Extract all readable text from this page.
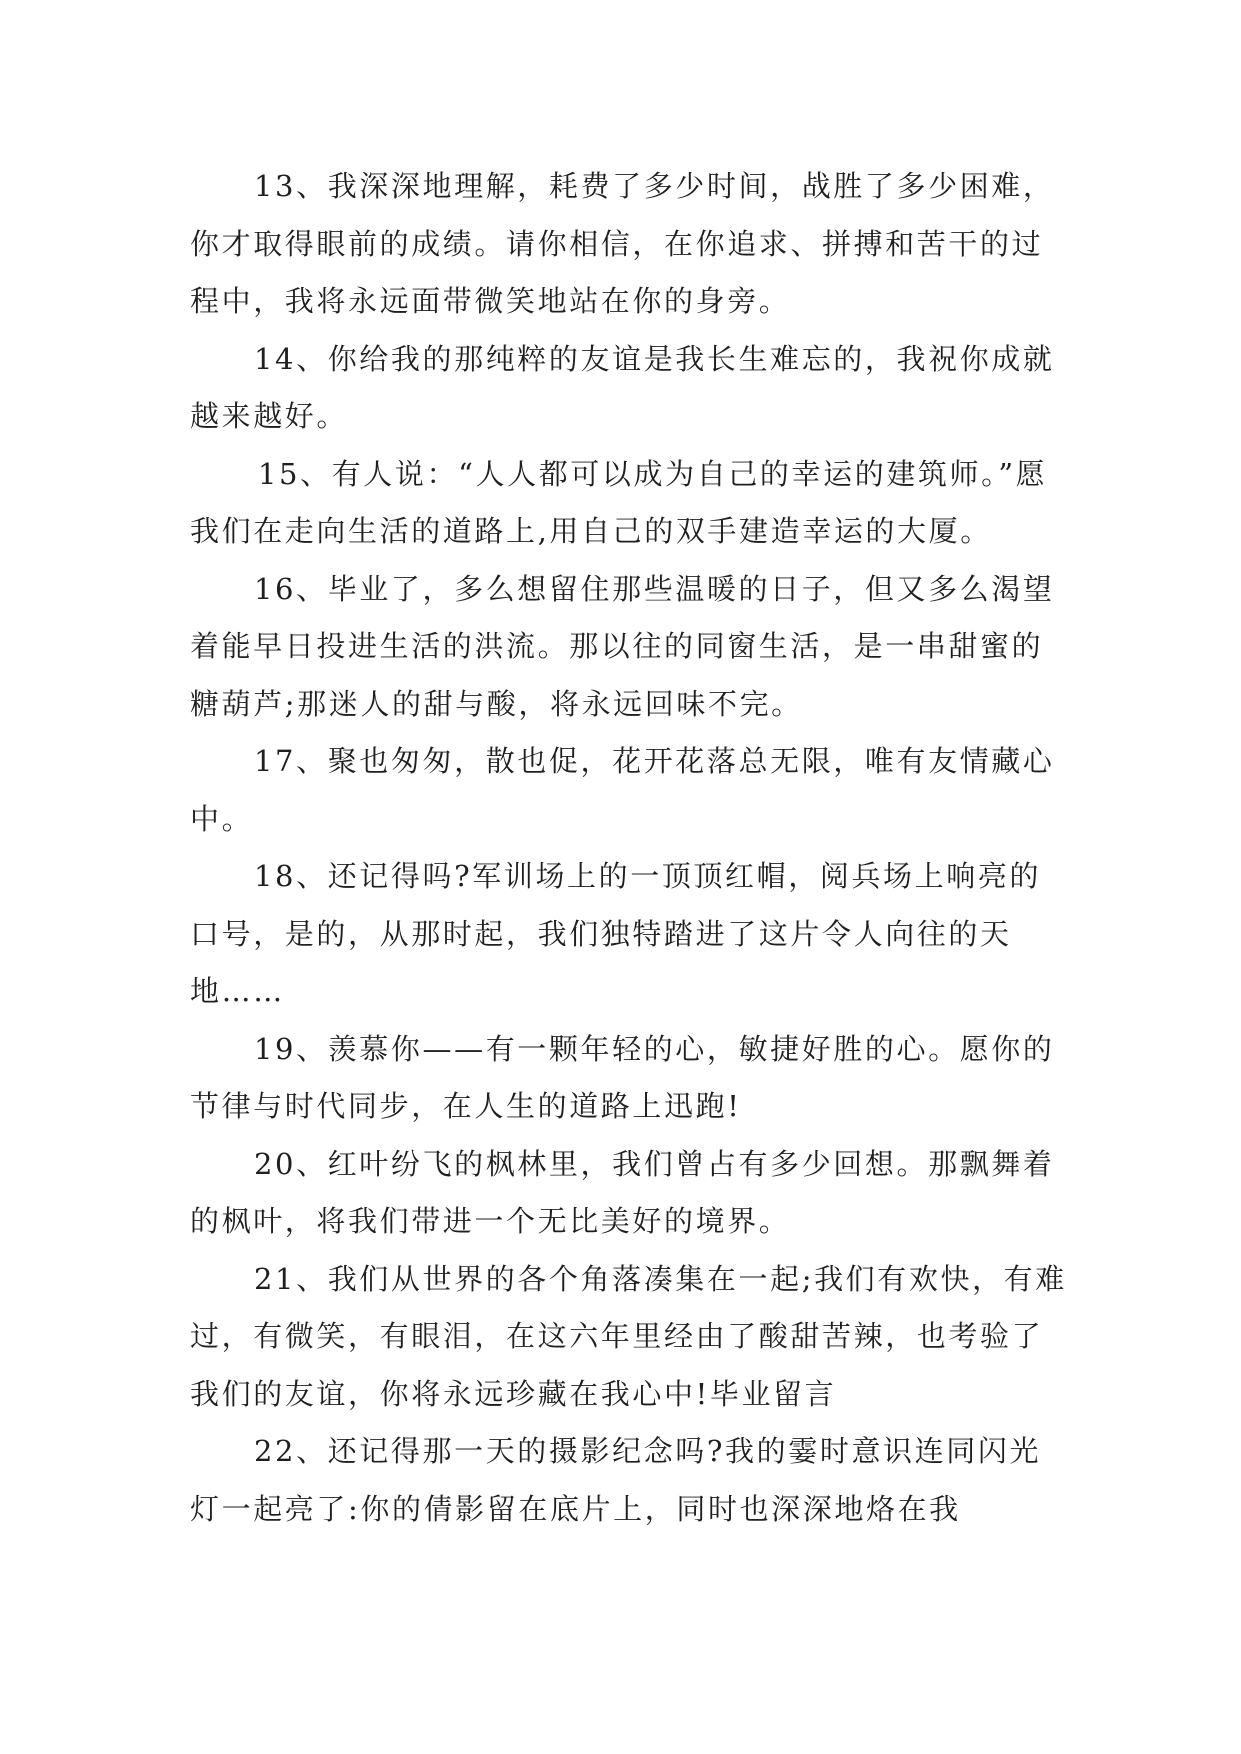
13、我深深地理解，耗费了多少时间，战胜了多少困难，你才取得眼前的成绩。请你相信，在你追求、拼搏和苦干的过程中，我将永远面带微笑地站在你的身旁。

14、你给我的那纯粹的友谊是我长生难忘的，我祝你成就越来越好。

15、有人说：“人人都可以成为自己的幸运的建筑师。”愿我们在走向生活的道路上,用自己的双手建造幸运的大厦。

16、毕业了，多么想留住那些温暖的日子，但又多么渴望着能早日投进生活的洪流。那以往的同窗生活，是一串甜蜜的糖葫芦;那迷人的甜与酸，将永远回味不完。

17、聚也匆匆，散也促，花开花落总无限，唯有友情藏心中。

18、还记得吗?军训场上的一顶顶红帽，阅兵场上响亮的口号，是的，从那时起，我们独特踏进了这片令人向往的天地……

19、羡慕你——有一颗年轻的心，敏捷好胜的心。愿你的节律与时代同步，在人生的道路上迅跑!

20、红叶纷飞的枫林里，我们曾占有多少回想。那飘舞着的枫叶，将我们带进一个无比美好的境界。

21、我们从世界的各个角落凑集在一起;我们有欢快，有难过，有微笑，有眼泪，在这六年里经由了酸甜苦辣，也考验了我们的友谊，你将永远珍藏在我心中!毕业留言

22、还记得那一天的摄影纪念吗?我的霎时意识连同闪光灯一起亮了:你的倩影留在底片上，同时也深深地烙在我
